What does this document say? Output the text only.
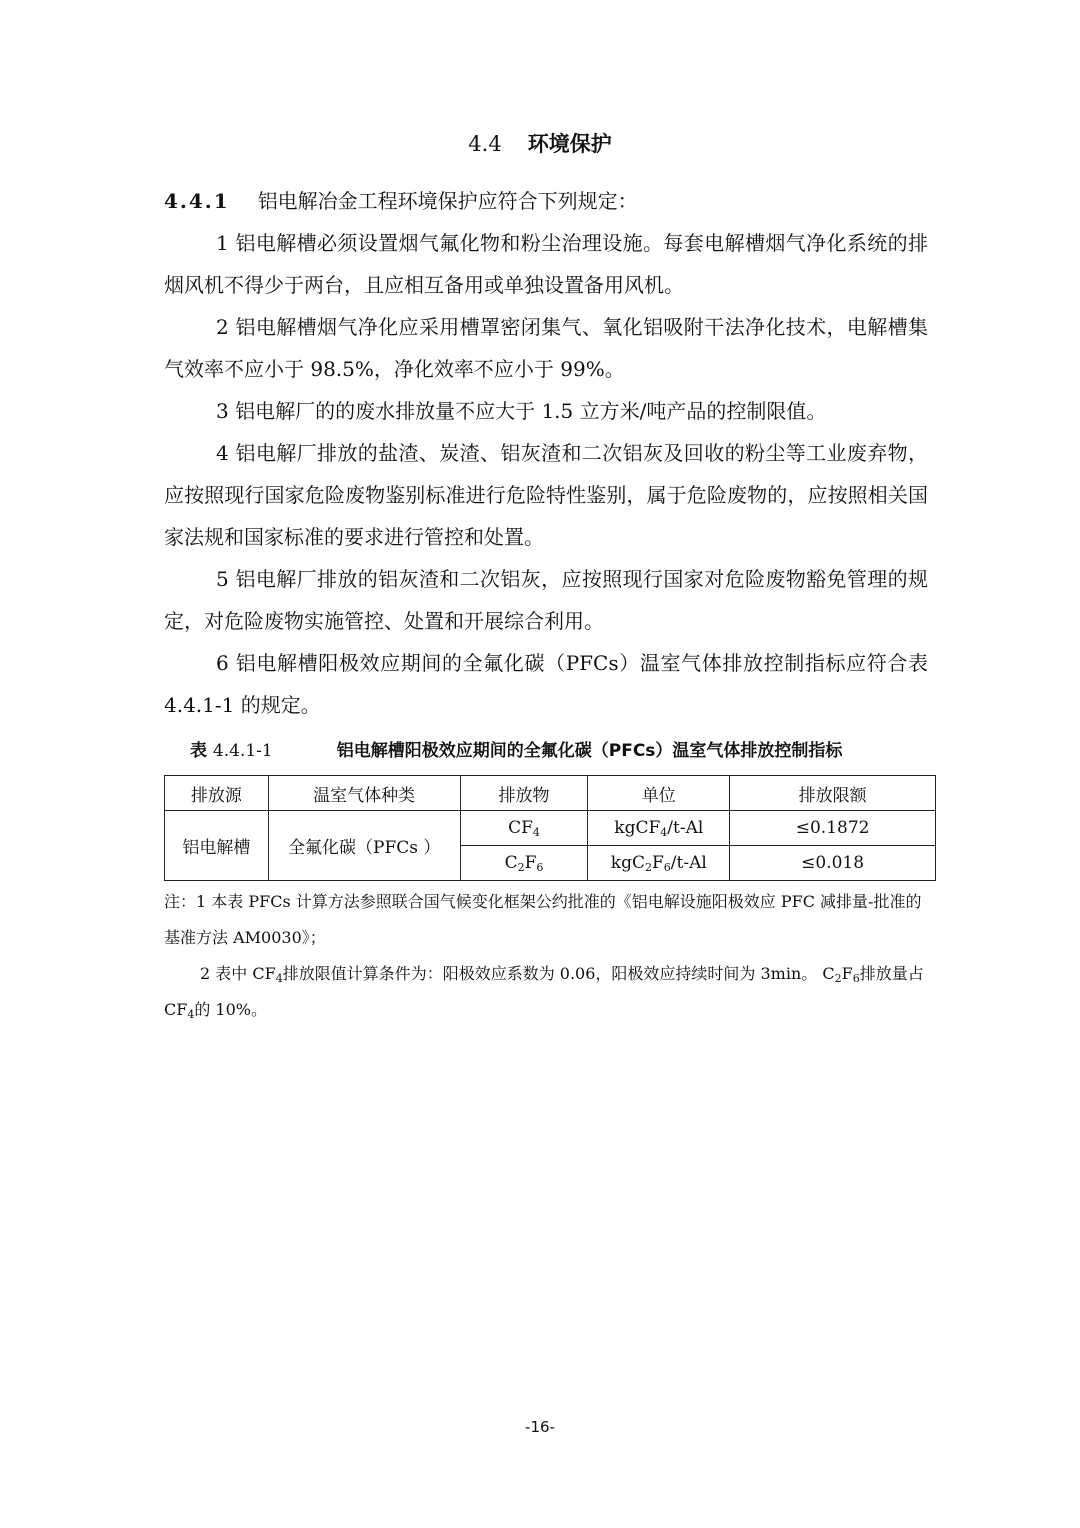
4.4 环境保护
4.4.1 铝电解冶金工程环境保护应符合下列规定：

1 铝电解槽必须设置烟气氟化物和粉尘治理设施。每套电解槽烟气净化系统的排烟风机不得少于两台，且应相互备用或单独设置备用风机。

2 铝电解槽烟气净化应采用槽罩密闭集气、氧化铝吸附干法净化技术，电解槽集气效率不应小于 98.5%，净化效率不应小于 99%。

3 铝电解厂的的废水排放量不应大于 1.5 立方米/吨产品的控制限值。

4 铝电解厂排放的盐渣、炭渣、铝灰渣和二次铝灰及回收的粉尘等工业废弃物，应按照现行国家危险废物鉴别标准进行危险特性鉴别，属于危险废物的，应按照相关国家法规和国家标准的要求进行管控和处置。

5 铝电解厂排放的铝灰渣和二次铝灰，应按照现行国家对危险废物豁免管理的规定，对危险废物实施管控、处置和开展综合利用。

6 铝电解槽阳极效应期间的全氟化碳（PFCs）温室气体排放控制指标应符合表 4.4.1-1 的规定。

表 4.4.1-1	铝电解槽阳极效应期间的全氟化碳（PFCs）温室气体排放控制指标
排放源	温室气体种类	排放物	单位	排放限额
铝电解槽	全氟化碳（PFCs ）	$CF_4$	kgCF$_4$/t-Al	≤0.1872
		$C_2F_6$	$kgC_2F_6/t-Al$	≤0.018

注：1 本表 PFCs 计算方法参照联合国气候变化框架公约批准的《铝电解设施阳极效应 PFC 减排量-批准的基准方法 AM0030》；

2 表中 $CF_4$排放限值计算条件为：阳极效应系数为 0.06，阳极效应持续时间为 3min。 $C_2F_6$排放量占 $CF_4$的 10%。

-16-
